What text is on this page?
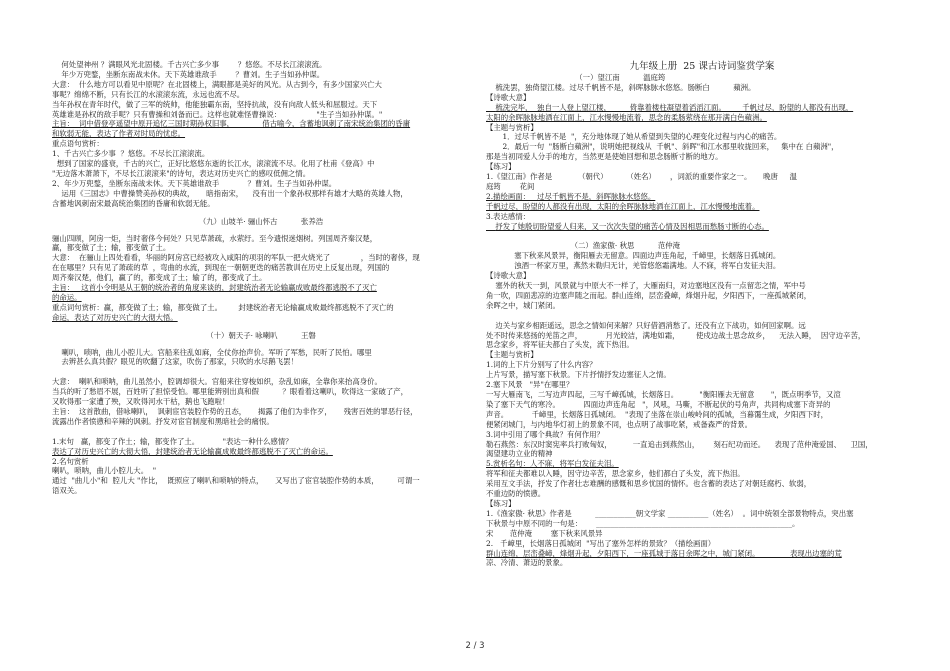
何处望神州 ？满眼风光北固楼。千古兴亡多少事        ？悠悠。不尽长江滚滚流。

年少万兜鍪，坐断东南战未休。天下英雄谁敌手        ？曹刘。生子当如孙仲谋。

大意：  什么地方可以看见中原呢？在北固楼上，满眼都是美好的风光。从古到今，有多少国家兴亡大

事呢？绵绵不断，只有长江的水滚滚东流，永远也流不尽。

当年孙权在青年时代，做了三军的统帅，他能独霸东南，坚持抗战，没有向敌人低头和屈服过。天下

英雄谁是孙权的敌手呢？只有曹操和刘备而已。这样也就难怪曹操说：               "生子当如孙仲谋。"

主旨：  词中借登亭遥望中原开追忆三国时期孙权旧事，            借古喻今，含蓄地讽刺了南宋统治集团的昏庸

和软弱无能，表达了作者对时局的忧虑。

重点语句赏析：

1、千古兴亡多少事  ？悠悠。不尽长江滚滚流。

想到了国家的盛衰，千古的兴亡，正好比悠悠东逝的长江水，滚滚流不尽。化用了杜甫《登高》中

"无边落木萧萧下，不尽长江滚滚来"的诗句，表达对历史兴亡的感叹低佣之情。

2、年少万兜鍪，坐断东南战未休。天下英雄谁敌手            ？曹刘。生子当如孙仲谋。

运用《三国志》中曹操赞美孙权的典故，     暗指南宋，    没有出一个象孙权那样有雄才大略的英雄人物，

含蓄地讽刺南宋最高统治集团的昏庸和软弱无能。

（九）山坡羊· 骊山怀古          张养浩

骊山四顾，阿房一炬，当时奢侈今何处？只见草萧疏，水萦纡。至今遗恨迷烟树。列国周齐秦汉楚，

赢，都变做了土；输，都变做了土。

大意：  在骊山上四处看看，华丽的阿房宫已经被攻入咸阳的项羽的军队一把火烧光了             ，当时的奢侈，现

在在哪里？只有见了萧疏的草  ，弯曲的水流，到现在一朝朝更迭的痛苦教训在历史上反复出现，列国的

周齐秦汉楚，他们，赢了的，都变成了土；输了的，都变成了土。

主旨：   这首小令明是从王朝的统治者的角度来谈的，封建统治者无论输赢成败最终都逃脱不了灭亡

的命运。

重点词句赏析：赢，都变做了土；输，都变做了土。       封建统治者无论输赢成败最终都逃脱不了灭亡的

命运，表达了对历史兴亡的大彻大悟。

（十）朝天子· 咏喇叭          王磐

喇叭，唢呐，曲儿小腔儿大。官船来往乱如麻，全仗你抬声价。军听了军愁，民听了民怕。哪里

去辨甚么真共假？眼见的吹翻了这家，吹伤了那家，只吹的水尽鹅飞罢！

大意：  喇叭和唢呐，曲儿虽然小，腔调却很大。官船来往穿梭如织，杂乱如麻，全靠你来抬高身价。

当兵的听了愁眉不展，百姓听了担惊受怕。哪里能辨别出真和假          ？眼看着这喇叭，吹得这一家破了产，

又吹得那一家遭了殃，又吹得河水干枯，鹅也飞跑啦！

主旨：  这首散曲，借咏喇叭，  讽刺宦官装腔作势的丑态，     揭露了他们为非作歹，     残害百姓的罪恶行径，

流露出作者愤懑和辛辣的讽刺。抒发对宦官制度和黑暗社会的痛恨。

1.末句   赢，都变了作土；输，都变作了土。          "表达一种什么感情？

表达了对历史兴亡的大彻大悟，封建统治者无论输赢成败最终都逃脱不了灭亡的命运。

2.名句赏析

喇叭，唢呐，曲儿小腔儿大。  "

通过  "曲儿小"和  腔儿大 "作比，  既照应了喇叭和唢呐的特点，     又写出了宦官装腔作势的本质，        可谓一

语双关。

九年级上册  25 课古诗词鉴赏学案

（一）望江南          温庭筠

梳洗罢，独倚望江楼。过尽千帆皆不是，斜晖脉脉水悠悠。肠断白          蘋洲。

【诗歌大意】

梳洗完毕，  独自一人登上望江楼，        倚靠着楼柱凝望着滔滔江面。       千帆过尽，盼望的人都没有出现，

太阳的余晖脉脉地洒在江面上，江水慢慢地流着，思念的柔肠萦绕在那开满白色蘋洲。

【主题与赏析】

1．过尽千帆皆不是  "，充分地体现了她从希望到失望的心理变化过程与内心的痛苦。

2．最后一句  "肠断白蘋洲"，说明她把视线从  千帆"、斜晖"和江水那里收拢回来，   集中在 白蘋洲"，

那是当初同爱人分手的地方，当然更是使她回想和思念肠断寸断的地方。

【练习】

1.《望江南》作者是           （朝代）        （姓名）      ，词派的重要作家之一。     晚唐     温

庭筠        花间

2.描绘画面：   过尽千帆皆不是，斜晖脉脉水悠悠。

千帆过尽，盼望的人都没有出现，太阳的余晖脉脉地洒在江面上，江水慢慢地流着。

3.表达感情：

抒发了她殷切盼望爱人归来，又一次次失望的痛苦心情及因相思而愁肠寸断的心态。

（二）渔家傲· 秋思          范仲淹

塞下秋来风景异，衡阳雁去无留意。四面边声连角起，千嶂里，长烟落日孤城闭。

浊酒一杯家万里，燕然未勒归无计，羌管悠悠霜满地。人不寐，将军白发征夫泪。

【诗歌大意】

塞外的秋天一到，风景就与中原大不一样了，大雁南归，对边塞地区没有一点留恋之情，军中号

角一吹，四面悲凉的边塞声随之而起。群山连绵，层峦叠嶂，烽烟升起，夕阳西下，一座孤城紧闭，

余晖之中，城门紧闭。

边关与家乡相距遥远，思念之情如何来解？只好借酒消愁了。还没有立下战功，如何回家啊。远

处不时传来悠扬的羌笛之声，          月光皎洁，满地如霜，       使戍边战士思念故乡，    无法入睡，  因守边辛苦，

思念家乡，将军征夫都白了头发，流下热泪。

【主题与赏析】

1.词的上下片分别写了什么内容？

上片写景，描写塞下秋景。下片抒情抒发边塞征人之情。

2.塞下风景   "异"在哪里？

一写大雁南飞，二写边声四起，三写千嶂孤城，长烟落日。         "衡阳雁去无留意       "，既点明季节，又渲

染了塞下天气的寒冷。          四面边声连角起   "，风吼，马嘶，不断起伏的号角声，共同构成塞下奇异的

声音。          千嶂里，长烟落日孤城闭。  "表现了坐落在崇山峻岭间的孤城，当暮霭生成，夕阳西下时，

便紧闭城门，与内地华灯初上的景象不同，也点明了战事吃紧，戒备森严的背景。

3.词中引用了哪个典故？有何作用？

勒石燕然：东汉时窦宪率兵打败匈奴，         一直追击到燕然山，      刻石纪功而还。    表现了范仲淹爱国、    卫国，

渴望建功立业的精神

5.赏析名句：人不寐，将军白发征夫泪。

将军和征夫都难以入睡，因守边辛苦，思念家乡，他们都白了头发，流下热泪。

采用互文手法，抒发了作者壮志难酬的感慨和思乡忧国的情怀。也含蓄的表达了对朝廷腐朽、软弱，

不重边防的愤懑。

【练习】

1.《渔家傲· 秋思》作者是          ___________朝文学家 ___________（姓名）  。词中统领全部景物特点，突出塞

下秋景与中原不同的一句是：      _____________________________________________________。

宋       范仲淹        塞下秋来风景异

2.   千嶂里，长烟落日孤城闭  "写出了塞外怎样的景致？（描绘画面）

群山连绵，层峦叠嶂，烽烟升起，夕阳西下，一座孤城于落日余晖之中，城门紧闭。             表现出边塞的荒

凉、冷清、萧迈的景象。

2 / 3
